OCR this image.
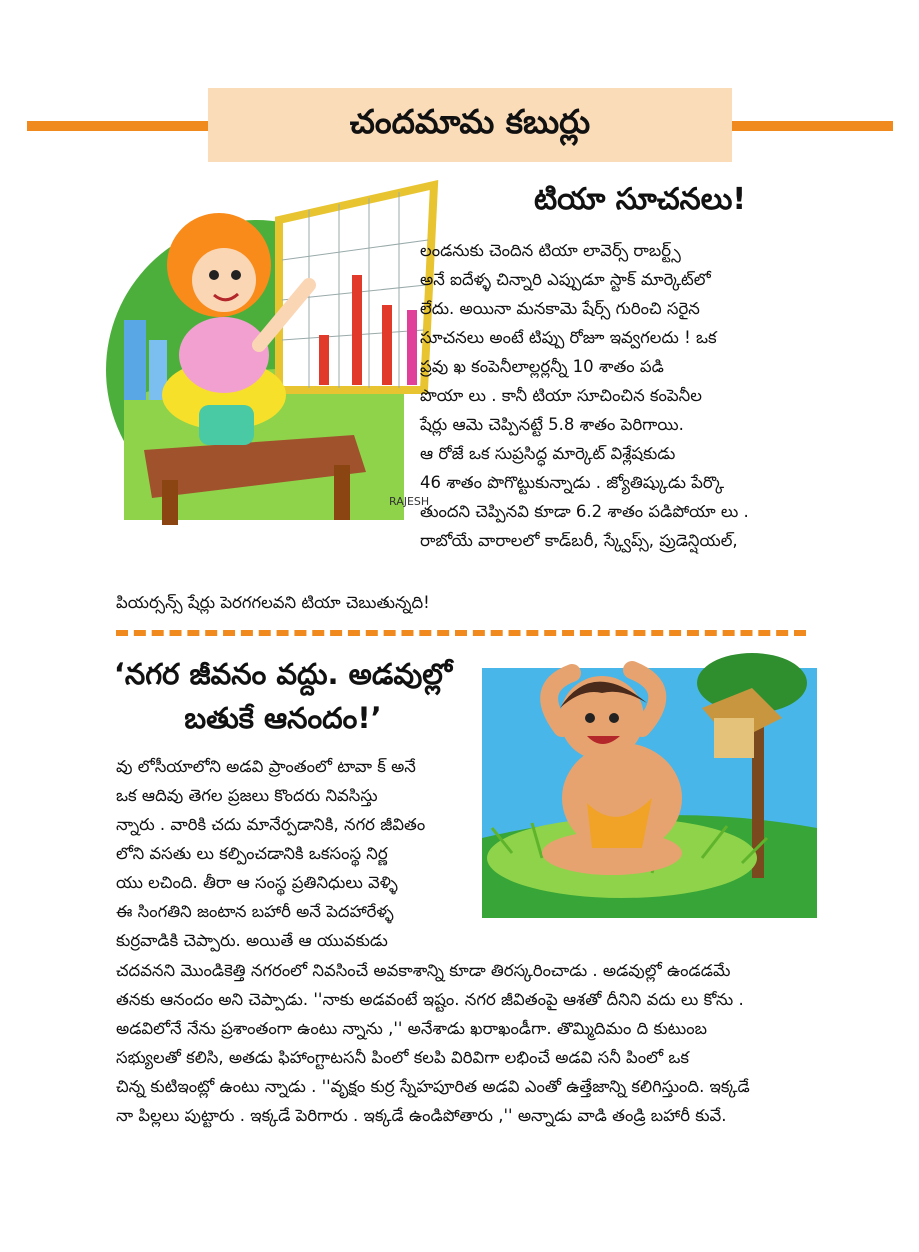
చందమామ కబుర్లు
RAJESH
టియా సూచనలు!
లండనుకు చెందిన టియా లావెర్స్ రాబర్ట్స్
అనే ఐదేళ్ళ చిన్నారి ఎప్పుడూ స్టాక్ మార్కెట్‌లో
లేదు. అయినా మనకామె షేర్స్ గురించి సరైన
సూచనలు అంటే టిప్పు రోజూ ఇవ్వగలదు ! ఒక
ప్రవు ఖ కంపెనీలాల్లర్లన్నీ 10 శాతం పడి
పొయా లు . కానీ టియా సూచించిన కంపెనీల
షేర్లు ఆమె చెప్పినట్టే 5.8 శాతం పెరిగాయి.
ఆ రోజే ఒక సుప్రసిద్ధ మార్కెట్ విశ్లేషకుడు
46 శాతం పొగొట్టుకున్నాడు . జ్యోతిష్కుడు పేర్కొ
తుందని చెప్పినవి కూడా 6.2 శాతం పడిపోయా లు .
రాబోయే వారాలలో కాడ్‌బరీ, స్క్వేప్స్, ప్రుడెన్షియల్,
పియర్సన్స్ షేర్లు పెరగగలవని టియా చెబుతున్నది!
‘నగర జీవనం వద్దు. అడవుల్లో
బతుకే ఆనందం!’
వు లోసీయాలోని అడవి ప్రాంతంలో టావా క్ అనే
ఒక ఆదివు తెగల ప్రజలు కొందరు నివసిస్తు
న్నారు . వారికి చదు మానేర్పడానికి, నగర జీవితం
లోని వసతు లు కల్పించడానికి ఒకసంస్థ నిర్ణ
యు లచింది. తీరా ఆ సంస్థ ప్రతినిధులు వెళ్ళి
ఈ సింగతిని జంటాన బహారీ అనే పెదహారేళ్ళ
కుర్రవాడికి చెప్పారు. అయితే ఆ యువకుడు
చదవనని మొండికెత్తి నగరంలో నివసించే అవకాశాన్ని కూడా తిరస్కరించాడు . అడవుల్లో ఉండడమే
తనకు ఆనందం అని చెప్పాడు. ''నాకు అడవంటే ఇష్టం. నగర జీవితంపై ఆశతో దీనిని వదు లు కోను .
అడవిలోనే నేను ప్రశాంతంగా ఉంటు న్నాను ,'' అనేశాడు ఖరాఖండీగా. తొమ్మిదిమం ది కుటుంబ
సభ్యులతో కలిసి, అతడు ఫిహాంగ్టాటసనీ పింలో కలపి విరివిగా లభించే అడవి సనీ పింలో ఒక
చిన్న కుటిఇంట్లో ఉంటు న్నాడు . ''వృక్షం కుర్ర స్నేహపూరిత అడవి ఎంతో ఉత్తేజాన్ని కలిగిస్తుంది. ఇక్కడే
నా పిల్లలు పుట్టారు . ఇక్కడే పెరిగారు . ఇక్కడే ఉండిపోతారు ,'' అన్నాడు వాడి తండ్రి బహారీ కువే.
